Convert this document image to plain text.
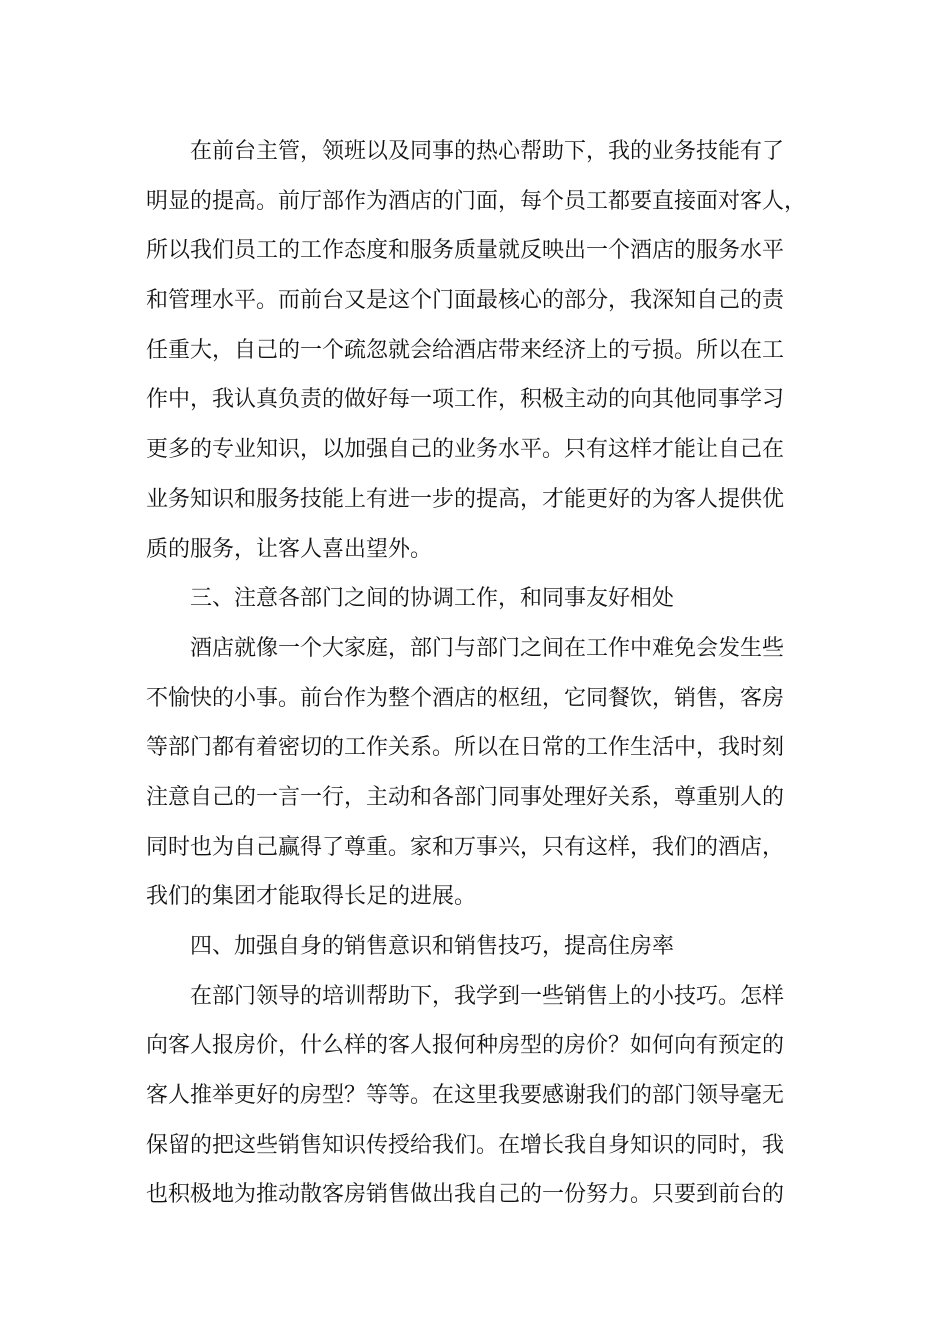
在前台主管，领班以及同事的热心帮助下，我的业务技能有了
明显的提高。前厅部作为酒店的门面，每个员工都要直接面对客人，
所以我们员工的工作态度和服务质量就反映出一个酒店的服务水平
和管理水平。而前台又是这个门面最核心的部分，我深知自己的责
任重大，自己的一个疏忽就会给酒店带来经济上的亏损。所以在工
作中，我认真负责的做好每一项工作，积极主动的向其他同事学习
更多的专业知识，以加强自己的业务水平。只有这样才能让自己在
业务知识和服务技能上有进一步的提高，才能更好的为客人提供优
质的服务，让客人喜出望外。
三、注意各部门之间的协调工作，和同事友好相处
酒店就像一个大家庭，部门与部门之间在工作中难免会发生些
不愉快的小事。前台作为整个酒店的枢纽，它同餐饮，销售，客房
等部门都有着密切的工作关系。所以在日常的工作生活中，我时刻
注意自己的一言一行，主动和各部门同事处理好关系，尊重别人的
同时也为自己赢得了尊重。家和万事兴，只有这样，我们的酒店，
我们的集团才能取得长足的进展。
四、加强自身的销售意识和销售技巧，提高住房率
在部门领导的培训帮助下，我学到一些销售上的小技巧。怎样
向客人报房价，什么样的客人报何种房型的房价？如何向有预定的
客人推举更好的房型？等等。在这里我要感谢我们的部门领导毫无
保留的把这些销售知识传授给我们。在增长我自身知识的同时，我
也积极地为推动散客房销售做出我自己的一份努力。只要到前台的
